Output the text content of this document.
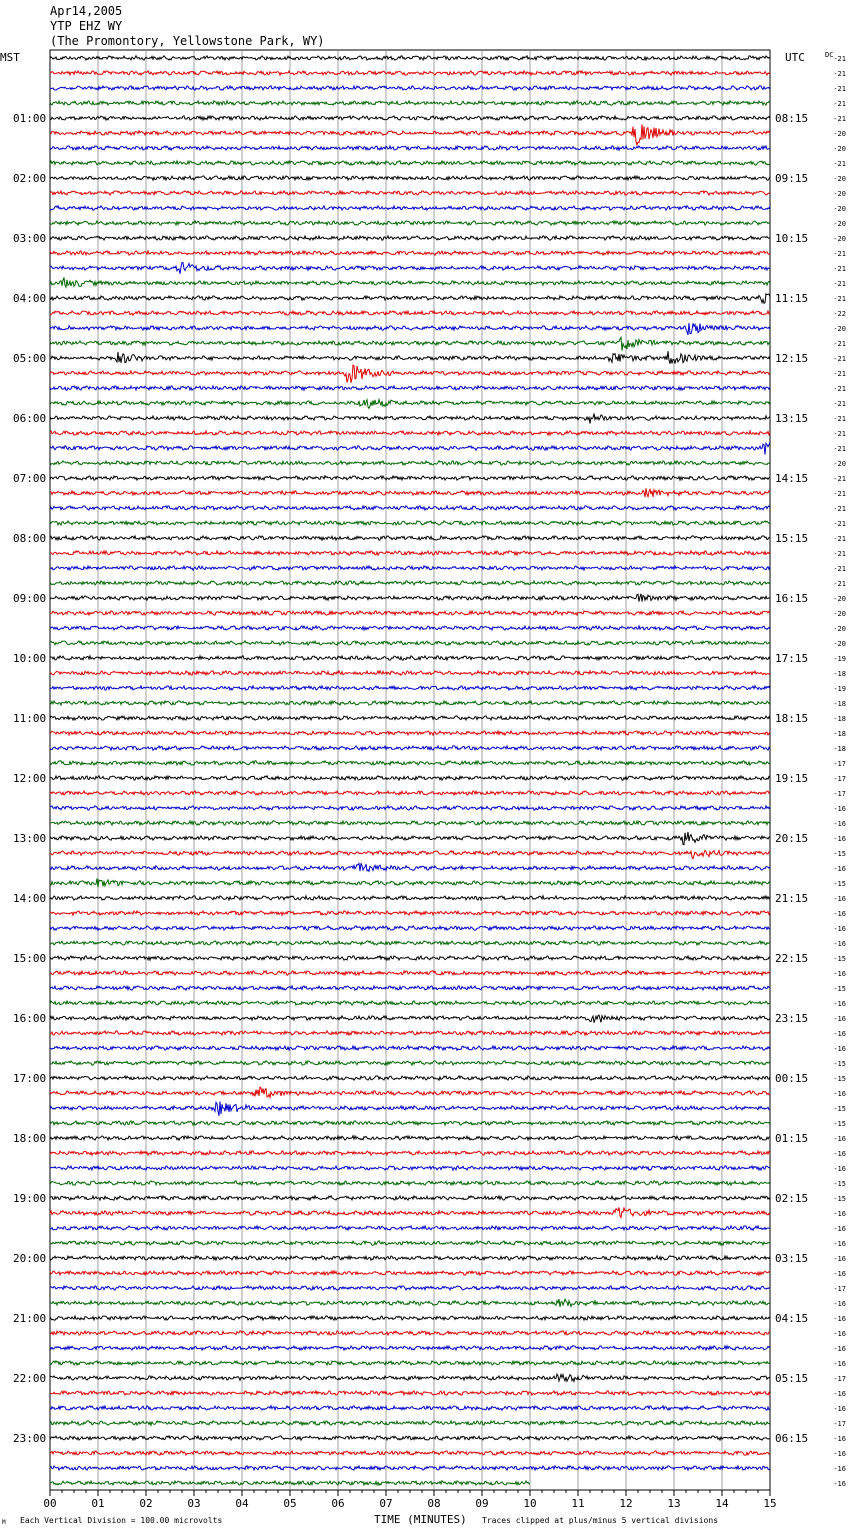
Apr14,2005
YTP EHZ WY
(The Promontory, Yellowstone Park, WY)
00	01	02	03	04	05	06	07	08	09	10	11	12	13	14	15
MST	UTC	DC
01:00
02:00
03:00
04:00
05:00
06:00
07:00
08:00
09:00
10:00
11:00
12:00
13:00
14:00
15:00
16:00
17:00
18:00
19:00
20:00
21:00
22:00
23:00
08:15
09:15
10:15
11:15
12:15
13:15
14:15
15:15
16:15
17:15
18:15
19:15
20:15
21:15
22:15
23:15
00:15
01:15
02:15
03:15
04:15
05:15
06:15
-21
-21
-21
-21
-21
-20
-20
-21
-20
-20
-20
-20
-20
-21
-21
-21
-21
-22
-20
-21
-21
-21
-21
-21
-21
-21
-21
-20
-21
-21
-21
-21
-21
-21
-21
-21
-20
-20
-20
-20
-19
-18
-19
-18
-18
-18
-18
-17
-17
-17
-16
-16
-16
-15
-16
-15
-16
-16
-16
-16
-15
-16
-15
-16
-16
-16
-16
-15
-15
-16
-15
-15
-16
-16
-16
-15
-15
-16
-16
-16
-16
-16
-17
-16
-16
-16
-16
-16
-17
-16
-16
-17
-16
-16
-16
-16
M Each Vertical Division = 100.00 microvolts	TIME (MINUTES) Traces clipped at plus/minus 5 vertical divisions
